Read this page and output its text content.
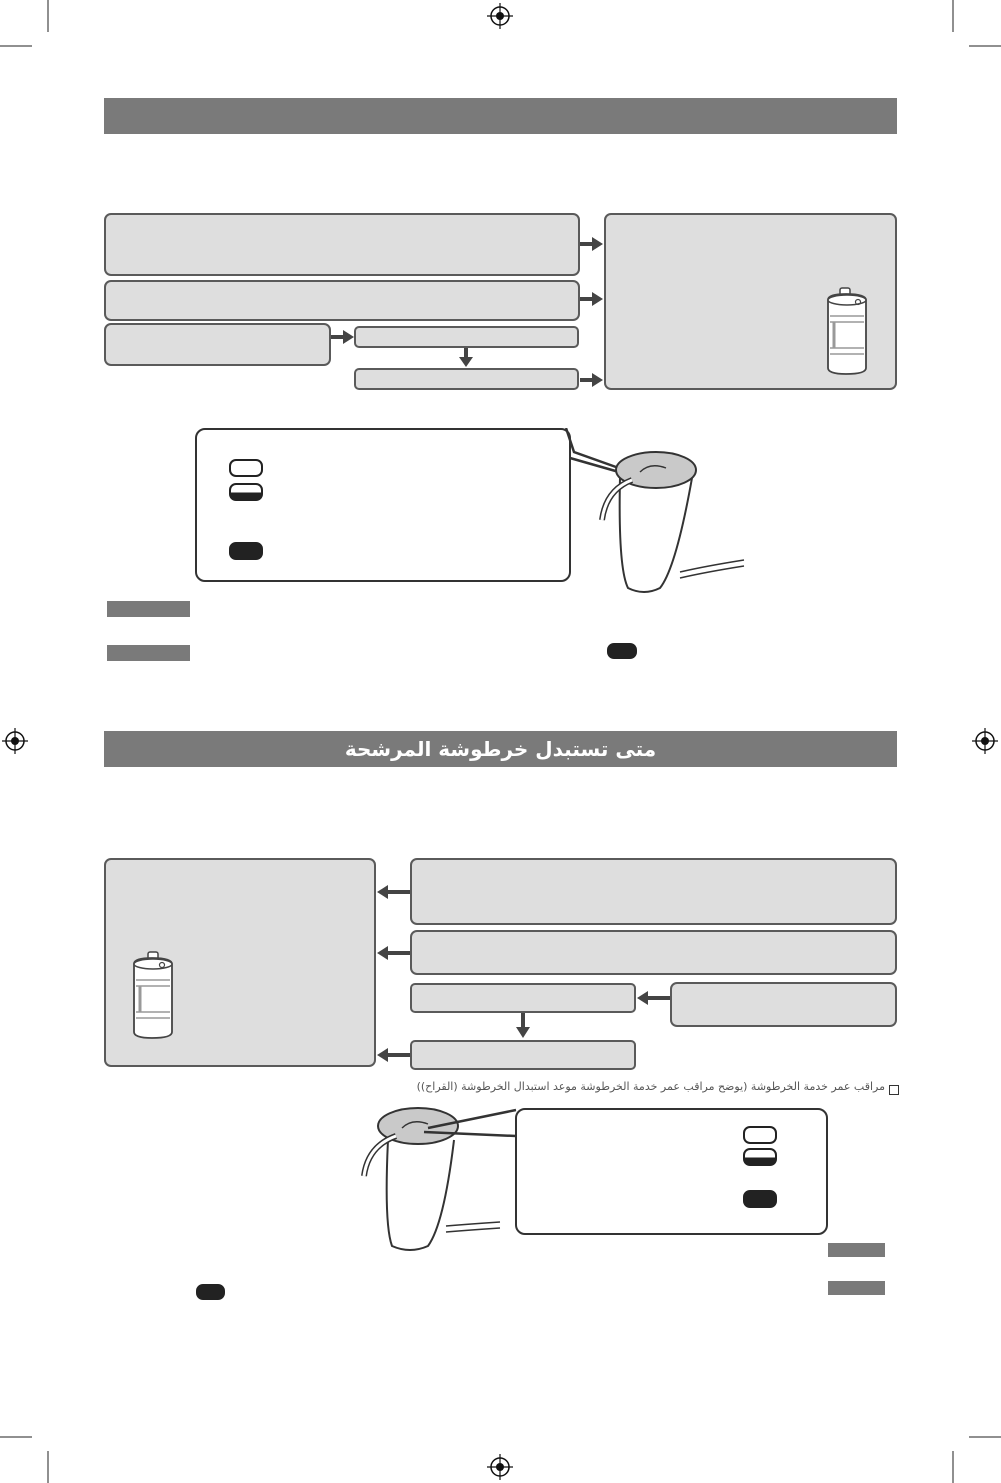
متى تستبدل خرطوشة المرشحة
مراقب عمر خدمة الخرطوشة (يوضح مراقب عمر خدمة الخرطوشة موعد استبدال الخرطوشة (القراح))
